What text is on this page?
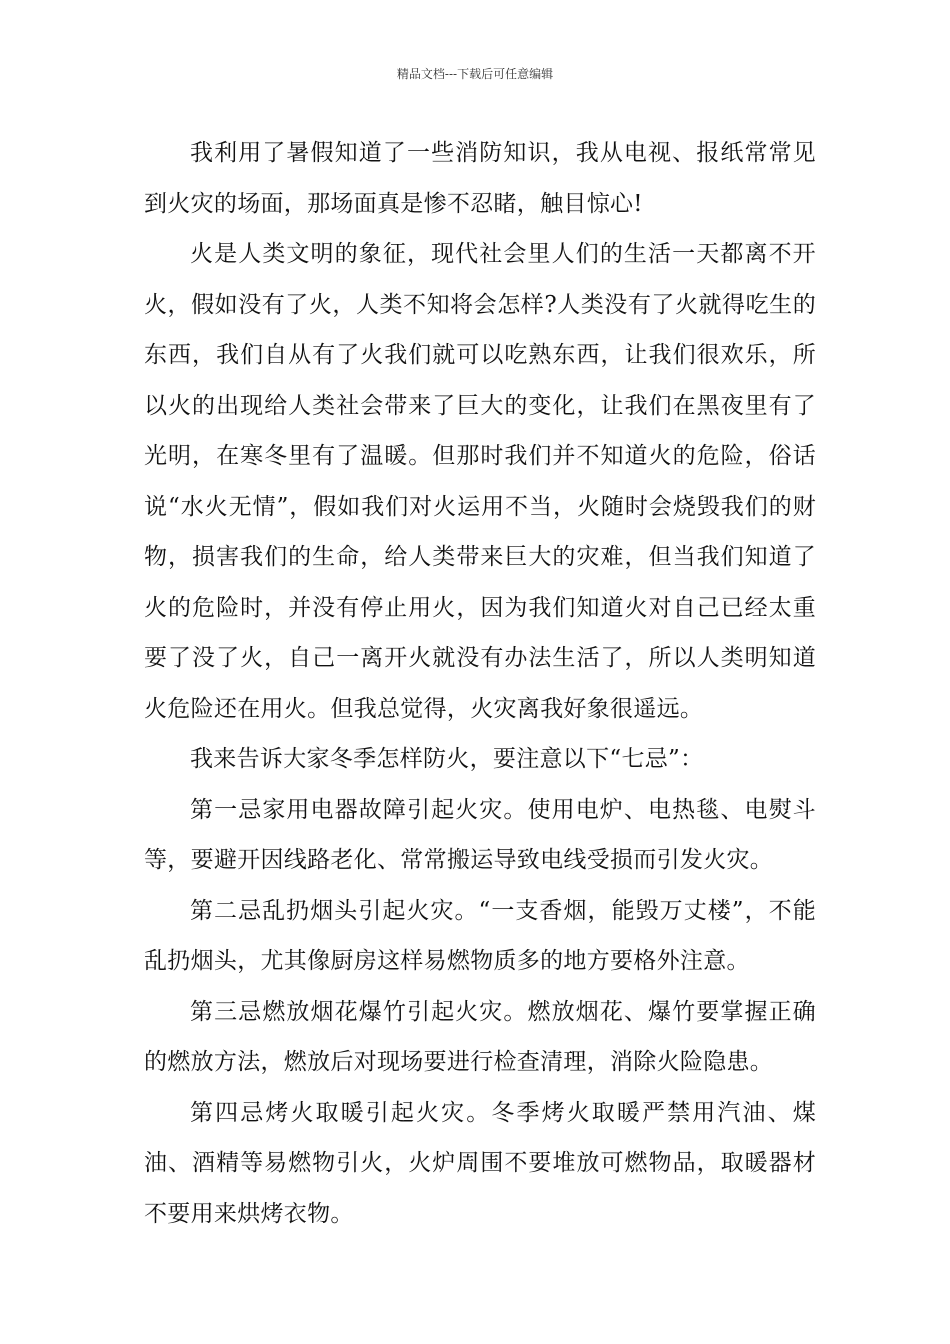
精品文档---下载后可任意编辑

我利用了暑假知道了一些消防知识，我从电视、报纸常常见到火灾的场面，那场面真是惨不忍睹，触目惊心!

火是人类文明的象征，现代社会里人们的生活一天都离不开火，假如没有了火，人类不知将会怎样?人类没有了火就得吃生的东西，我们自从有了火我们就可以吃熟东西，让我们很欢乐，所以火的出现给人类社会带来了巨大的变化，让我们在黑夜里有了光明，在寒冬里有了温暖。但那时我们并不知道火的危险，俗话说“水火无情”，假如我们对火运用不当，火随时会烧毁我们的财物，损害我们的生命，给人类带来巨大的灾难，但当我们知道了火的危险时，并没有停止用火，因为我们知道火对自己已经太重要了没了火，自己一离开火就没有办法生活了，所以人类明知道火危险还在用火。但我总觉得，火灾离我好象很遥远。

我来告诉大家冬季怎样防火，要注意以下“七忌”：

第一忌家用电器故障引起火灾。使用电炉、电热毯、电熨斗等，要避开因线路老化、常常搬运导致电线受损而引发火灾。

第二忌乱扔烟头引起火灾。“一支香烟，能毁万丈楼”，不能乱扔烟头，尤其像厨房这样易燃物质多的地方要格外注意。

第三忌燃放烟花爆竹引起火灾。燃放烟花、爆竹要掌握正确的燃放方法，燃放后对现场要进行检查清理，消除火险隐患。

第四忌烤火取暖引起火灾。冬季烤火取暖严禁用汽油、煤油、酒精等易燃物引火，火炉周围不要堆放可燃物品，取暖器材不要用来烘烤衣物。
